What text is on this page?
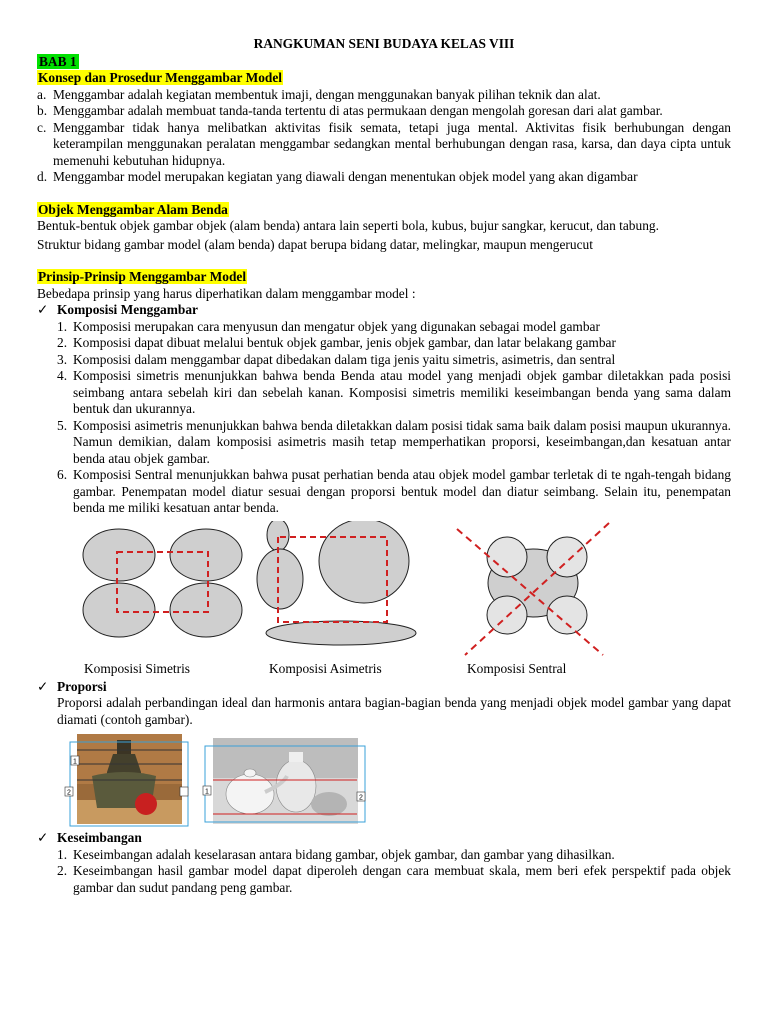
RANGKUMAN SENI BUDAYA KELAS VIII
BAB 1
Konsep dan Prosedur Menggambar Model
a. Menggambar adalah kegiatan membentuk imaji, dengan menggunakan banyak pilihan teknik dan alat.
b. Menggambar adalah membuat tanda-tanda tertentu di atas permukaan dengan mengolah goresan dari alat gambar.
c. Menggambar tidak hanya melibatkan aktivitas fisik semata, tetapi juga mental. Aktivitas fisik berhubungan dengan keterampilan menggunakan peralatan menggambar sedangkan mental berhubungan dengan rasa, karsa, dan daya cipta untuk memenuhi kebutuhan hidupnya.
d. Menggambar model merupakan kegiatan yang diawali dengan menentukan objek model yang akan digambar
Objek Menggambar Alam Benda
Bentuk-bentuk objek gambar objek (alam benda) antara lain seperti bola, kubus, bujur sangkar, kerucut, dan tabung.
Struktur bidang gambar model (alam benda) dapat berupa bidang datar, melingkar, maupun mengerucut
Prinsip-Prinsip Menggambar Model
Bebedapa prinsip yang harus diperhatikan dalam menggambar model :
✓ Komposisi Menggambar
1. Komposisi merupakan cara menyusun dan mengatur objek yang digunakan sebagai model gambar
2. Komposisi dapat dibuat melalui bentuk objek gambar, jenis objek gambar, dan latar belakang gambar
3. Komposisi dalam menggambar dapat dibedakan dalam tiga jenis yaitu simetris, asimetris, dan sentral
4. Komposisi simetris menunjukkan bahwa benda Benda atau model yang menjadi objek gambar diletakkan pada posisi seimbang antara sebelah kiri dan sebelah kanan. Komposisi simetris memiliki keseimbangan benda yang sama dalam bentuk dan ukurannya.
5. Komposisi asimetris menunjukkan bahwa benda diletakkan dalam posisi tidak sama baik dalam posisi maupun ukurannya. Namun demikian, dalam komposisi asimetris masih tetap memperhatikan proporsi, keseimbangan,dan kesatuan antar benda atau objek gambar.
6. Komposisi Sentral menunjukkan bahwa pusat perhatian benda atau objek model gambar terletak di te ngah-tengah bidang gambar. Penempatan model diatur sesuai dengan proporsi bentuk model dan diatur seimbang. Selain itu, penempatan benda me miliki kesatuan antar benda.
Komposisi Simetris	Komposisi Asimetris	Komposisi Sentral
✓ Proporsi
Proporsi adalah perbandingan ideal dan harmonis antara bagian-bagian benda yang menjadi objek model gambar yang dapat diamati (contoh gambar).
1
2	1
2
✓ Keseimbangan
1. Keseimbangan adalah keselarasan antara bidang gambar, objek gambar, dan gambar yang dihasilkan.
2. Keseimbangan hasil gambar model dapat diperoleh dengan cara membuat skala, mem beri efek perspektif pada objek gambar dan sudut pandang peng gambar.
